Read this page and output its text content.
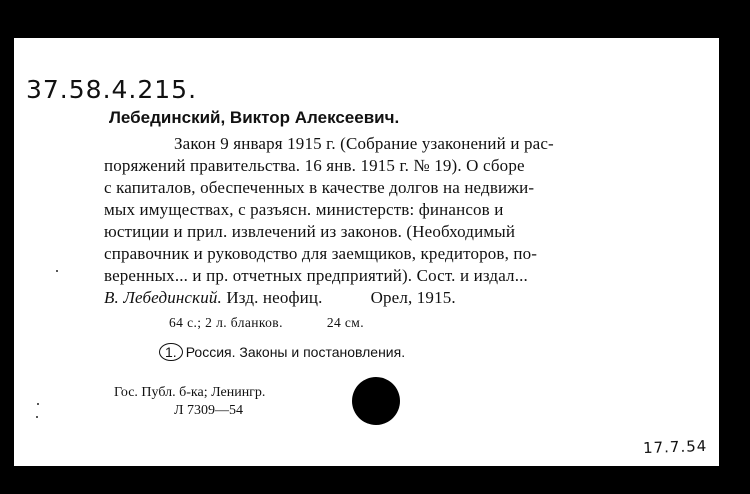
37.58.4.215.
Лебединский, Виктор Алексеевич.
Закон 9 января 1915 г. (Собрание узаконений и рас-
поряжений правительства. 16 янв. 1915 г. № 19). О сборе
с капиталов, обеспеченных в качестве долгов на недвижи-
мых имуществах, с разъясн. министерств: финансов и
юстиции и прил. извлечений из законов. (Необходимый
справочник и руководство для заемщиков, кредиторов, по-
веренных... и пр. отчетных предприятий). Сост. и издал...
В. Лебединский. Изд. неофиц.	Орел, 1915.
64 с.; 2 л. бланков.	24 см.
1. Россия. Законы и постановления.
Гос. Публ. б-ка; Ленингр.
Л 7309—54
17.7.54
